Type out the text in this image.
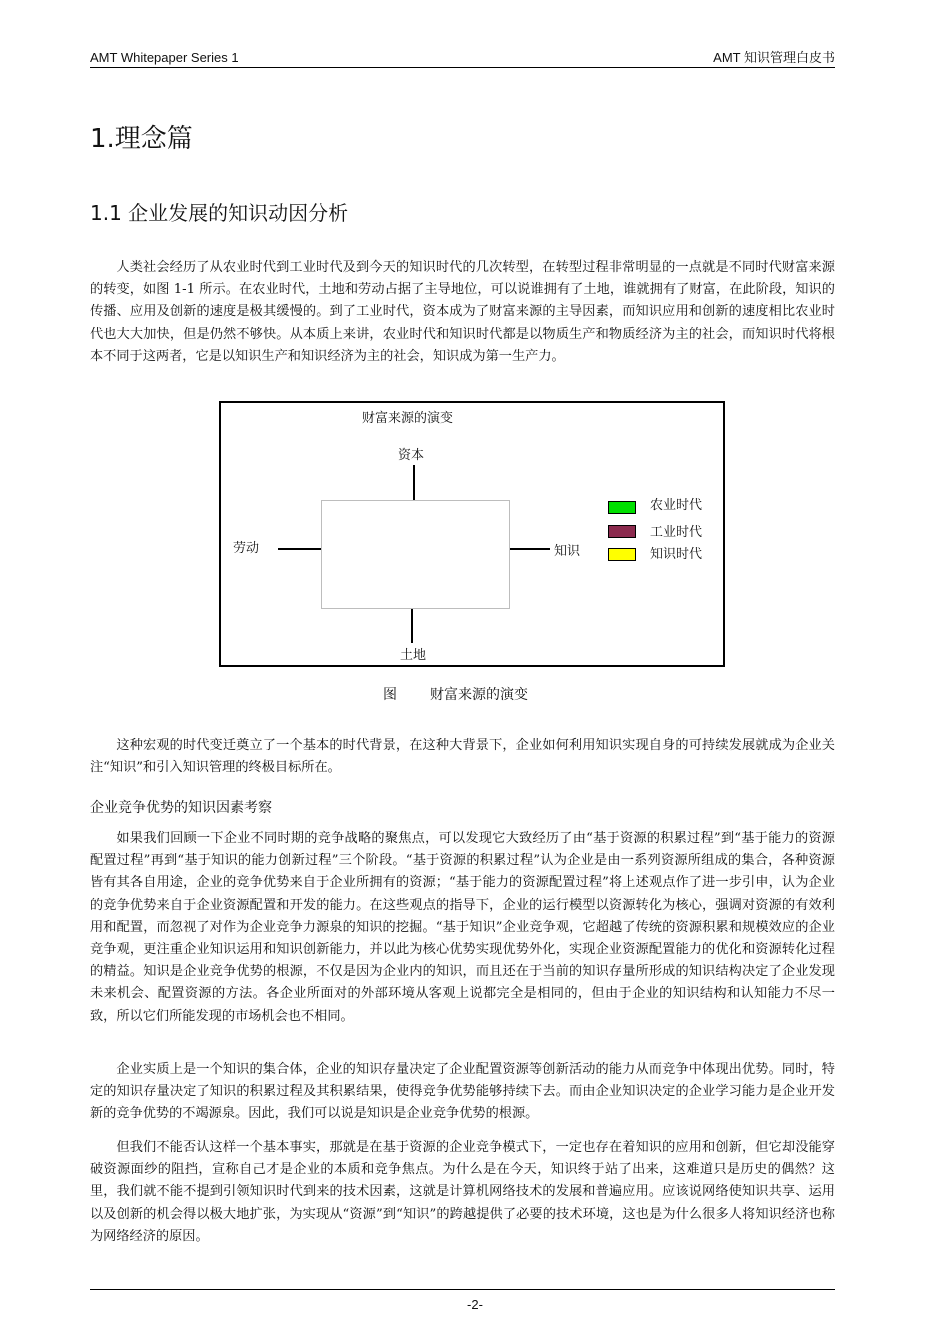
AMT Whitepaper Series 1	AMT 知识管理白皮书
1.理念篇
1.1 企业发展的知识动因分析

人类社会经历了从农业时代到工业时代及到今天的知识时代的几次转型，在转型过程非常明显的一点就是不同时代财富来源的转变，如图 1-1 所示。在农业时代，土地和劳动占据了主导地位，可以说谁拥有了土地，谁就拥有了财富，在此阶段，知识的传播、应用及创新的速度是极其缓慢的。到了工业时代，资本成为了财富来源的主导因素，而知识应用和创新的速度相比农业时代也大大加快，但是仍然不够快。从本质上来讲，农业时代和知识时代都是以物质生产和物质经济为主的社会，而知识时代将根本不同于这两者，它是以知识生产和知识经济为主的社会，知识成为第一生产力。

财富来源的演变
资本
劳动	知识
土地
农业时代
工业时代
知识时代
图 财富来源的演变

这种宏观的时代变迁奠立了一个基本的时代背景，在这种大背景下，企业如何利用知识实现自身的可持续发展就成为企业关注“知识”和引入知识管理的终极目标所在。

企业竞争优势的知识因素考察

如果我们回顾一下企业不同时期的竞争战略的聚焦点，可以发现它大致经历了由“基于资源的积累过程”到“基于能力的资源配置过程”再到“基于知识的能力创新过程”三个阶段。“基于资源的积累过程”认为企业是由一系列资源所组成的集合，各种资源皆有其各自用途，企业的竞争优势来自于企业所拥有的资源；“基于能力的资源配置过程”将上述观点作了进一步引申，认为企业的竞争优势来自于企业资源配置和开发的能力。在这些观点的指导下，企业的运行模型以资源转化为核心，强调对资源的有效利用和配置，而忽视了对作为企业竞争力源泉的知识的挖掘。“基于知识”企业竞争观，它超越了传统的资源积累和规模效应的企业竞争观，更注重企业知识运用和知识创新能力，并以此为核心优势实现优势外化，实现企业资源配置能力的优化和资源转化过程的精益。知识是企业竞争优势的根源，不仅是因为企业内的知识，而且还在于当前的知识存量所形成的知识结构决定了企业发现未来机会、配置资源的方法。各企业所面对的外部环境从客观上说都完全是相同的，但由于企业的知识结构和认知能力不尽一致，所以它们所能发现的市场机会也不相同。

企业实质上是一个知识的集合体，企业的知识存量决定了企业配置资源等创新活动的能力从而竞争中体现出优势。同时，特定的知识存量决定了知识的积累过程及其积累结果，使得竞争优势能够持续下去。而由企业知识决定的企业学习能力是企业开发新的竞争优势的不竭源泉。因此，我们可以说是知识是企业竞争优势的根源。

但我们不能否认这样一个基本事实，那就是在基于资源的企业竞争模式下，一定也存在着知识的应用和创新，但它却没能穿破资源面纱的阻挡，宣称自己才是企业的本质和竞争焦点。为什么是在今天，知识终于站了出来，这难道只是历史的偶然？这里，我们就不能不提到引领知识时代到来的技术因素，这就是计算机网络技术的发展和普遍应用。应该说网络使知识共享、运用以及创新的机会得以极大地扩张，为实现从“资源”到“知识”的跨越提供了必要的技术环境，这也是为什么很多人将知识经济也称为网络经济的原因。

-2-
